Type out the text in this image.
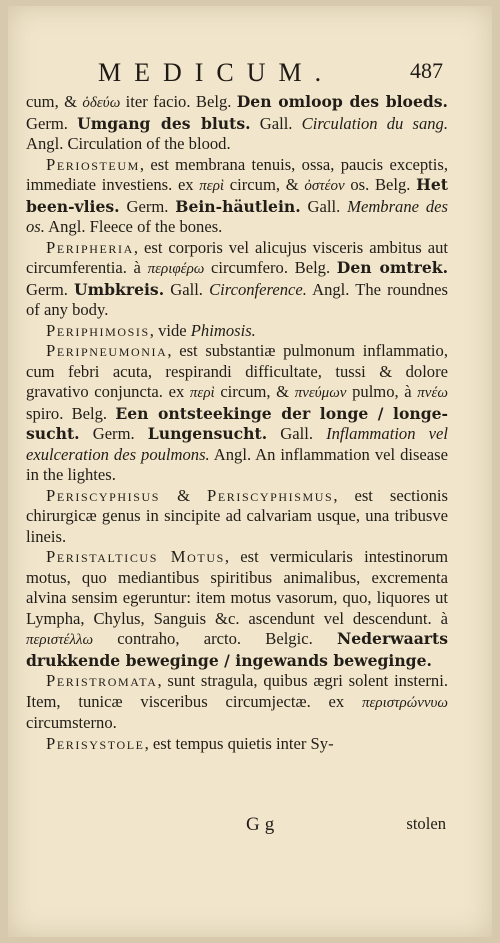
MEDICUM.	487

cum, & ὁδεύω iter facio. Belg. Den omloop des bloeds. Germ. Umgang des bluts. Gall. Circulation du sang. Angl. Circulation of the blood.

Periosteum, est membrana tenuis, ossa, paucis exceptis, immediate investiens. ex περὶ circum, & ὀστέον os. Belg. Het been-vlies. Germ. Bein-häutlein. Gall. Membrane des os. Angl. Fleece of the bones.

Peripheria, est corporis vel alicujus visceris ambitus aut circumferentia. à περιφέρω circumfero. Belg. Den omtrek. Germ. Umbkreis. Gall. Circonference. Angl. The roundnes of any body.

Periphimosis, vide Phimosis.

Peripneumonia, est substantiæ pulmonum inflammatio, cum febri acuta, respirandi difficultate, tussi & dolore gravativo conjuncta. ex περὶ circum, & πνεύμων pulmo, à πνέω spiro. Belg. Een ontsteekinge der longe / longe-sucht. Germ. Lungensucht. Gall. Inflammation vel exulceration des poulmons. Angl. An inflammation vel disease in the lightes.

Periscyphisus & Periscyphismus, est sectionis chirurgicæ genus in sincipite ad calvariam usque, una tribusve lineis.

Peristalticus Motus, est vermicularis intestinorum motus, quo mediantibus spiritibus animalibus, excrementa alvina sensim egeruntur: item motus vasorum, quo, liquores ut Lympha, Chylus, Sanguis &c. ascendunt vel descendunt. à περιστέλλω contraho, arcto. Belgic. Nederwaarts drukkende beweginge / ingewands beweginge.

Peristromata, sunt stragula, quibus ægri solent insterni. Item, tunicæ visceribus circumjectæ. ex περιστρώννυω circumsterno.

Perisystole, est tempus quietis inter Sy-

Gg	stolen
